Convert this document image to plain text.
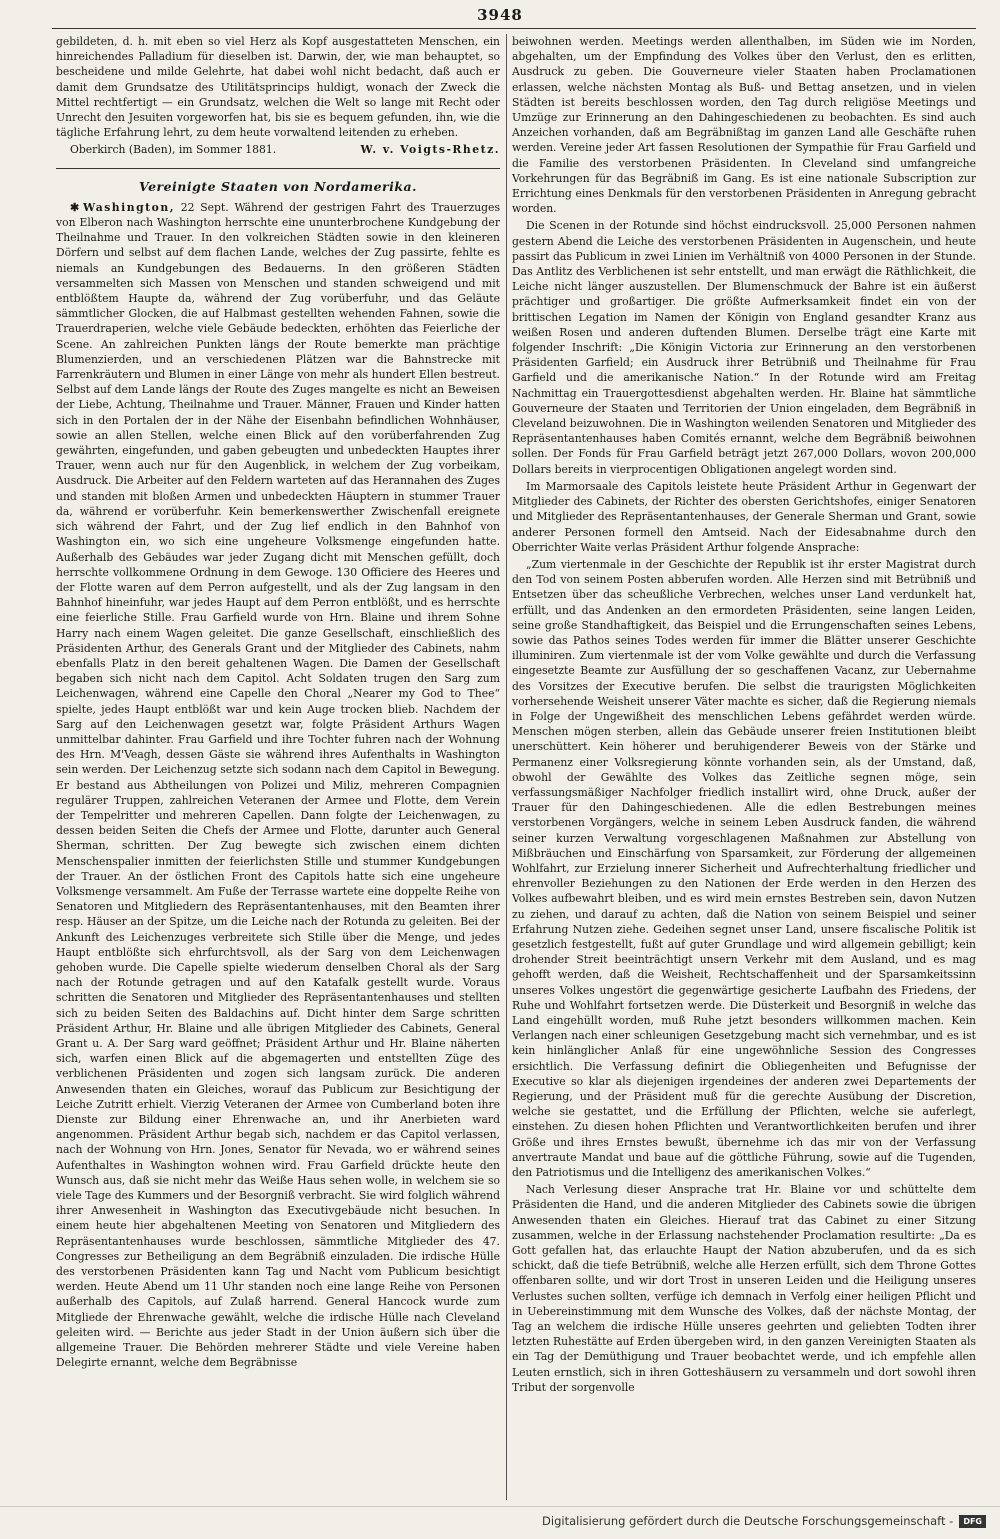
3948

gebildeten, d. h. mit eben so viel Herz als Kopf ausgestatteten Menschen, ein hinreichendes Palladium für dieselben ist. Darwin, der, wie man behauptet, so bescheidene und milde Gelehrte, hat dabei wohl nicht bedacht, daß auch er damit dem Grundsatze des Utilitätsprincips huldigt, wonach der Zweck die Mittel rechtfertigt — ein Grundsatz, welchen die Welt so lange mit Recht oder Unrecht den Jesuiten vorgeworfen hat, bis sie es bequem gefunden, ihn, wie die tägliche Erfahrung lehrt, zu dem heute vorwaltend leitenden zu erheben.

Oberkirch (Baden), im Sommer 1881.	W. v. Voigts-Rhetz.
Vereinigte Staaten von Nordamerika.

✱ Washington, 22 Sept. Während der gestrigen Fahrt des Trauerzuges von Elberon nach Washington herrschte eine ununterbrochene Kundgebung der Theilnahme und Trauer. In den volkreichen Städten sowie in den kleineren Dörfern und selbst auf dem flachen Lande, welches der Zug passirte, fehlte es niemals an Kundgebungen des Bedauerns. In den größeren Städten versammelten sich Massen von Menschen und standen schweigend und mit entblößtem Haupte da, während der Zug vorüberfuhr, und das Geläute sämmtlicher Glocken, die auf Halbmast gestellten wehenden Fahnen, sowie die Trauerdraperien, welche viele Gebäude bedeckten, erhöhten das Feierliche der Scene. An zahlreichen Punkten längs der Route bemerkte man prächtige Blumenzierden, und an verschiedenen Plätzen war die Bahnstrecke mit Farrenkräutern und Blumen in einer Länge von mehr als hundert Ellen bestreut. Selbst auf dem Lande längs der Route des Zuges mangelte es nicht an Beweisen der Liebe, Achtung, Theilnahme und Trauer. Männer, Frauen und Kinder hatten sich in den Portalen der in der Nähe der Eisenbahn befindlichen Wohnhäuser, sowie an allen Stellen, welche einen Blick auf den vorüberfahrenden Zug gewährten, eingefunden, und gaben gebeugten und unbedeckten Hauptes ihrer Trauer, wenn auch nur für den Augenblick, in welchem der Zug vorbeikam, Ausdruck. Die Arbeiter auf den Feldern warteten auf das Herannahen des Zuges und standen mit bloßen Armen und unbedeckten Häuptern in stummer Trauer da, während er vorüberfuhr. Kein bemerkenswerther Zwischenfall ereignete sich während der Fahrt, und der Zug lief endlich in den Bahnhof von Washington ein, wo sich eine ungeheure Volksmenge eingefunden hatte. Außerhalb des Gebäudes war jeder Zugang dicht mit Menschen gefüllt, doch herrschte vollkommene Ordnung in dem Gewoge. 130 Officiere des Heeres und der Flotte waren auf dem Perron aufgestellt, und als der Zug langsam in den Bahnhof hineinfuhr, war jedes Haupt auf dem Perron entblößt, und es herrschte eine feierliche Stille. Frau Garfield wurde von Hrn. Blaine und ihrem Sohne Harry nach einem Wagen geleitet. Die ganze Gesellschaft, einschließlich des Präsidenten Arthur, des Generals Grant und der Mitglieder des Cabinets, nahm ebenfalls Platz in den bereit gehaltenen Wagen. Die Damen der Gesellschaft begaben sich nicht nach dem Capitol. Acht Soldaten trugen den Sarg zum Leichenwagen, während eine Capelle den Choral „Nearer my God to Thee“ spielte, jedes Haupt entblößt war und kein Auge trocken blieb. Nachdem der Sarg auf den Leichenwagen gesetzt war, folgte Präsident Arthurs Wagen unmittelbar dahinter. Frau Garfield und ihre Tochter fuhren nach der Wohnung des Hrn. M'Veagh, dessen Gäste sie während ihres Aufenthalts in Washington sein werden. Der Leichenzug setzte sich sodann nach dem Capitol in Bewegung. Er bestand aus Abtheilungen von Polizei und Miliz, mehreren Compagnien regulärer Truppen, zahlreichen Veteranen der Armee und Flotte, dem Verein der Tempelritter und mehreren Capellen. Dann folgte der Leichenwagen, zu dessen beiden Seiten die Chefs der Armee und Flotte, darunter auch General Sherman, schritten. Der Zug bewegte sich zwischen einem dichten Menschenspalier inmitten der feierlichsten Stille und stummer Kundgebungen der Trauer. An der östlichen Front des Capitols hatte sich eine ungeheure Volksmenge versammelt. Am Fuße der Terrasse wartete eine doppelte Reihe von Senatoren und Mitgliedern des Repräsentantenhauses, mit den Beamten ihrer resp. Häuser an der Spitze, um die Leiche nach der Rotunda zu geleiten. Bei der Ankunft des Leichenzuges verbreitete sich Stille über die Menge, und jedes Haupt entblößte sich ehrfurchtsvoll, als der Sarg von dem Leichenwagen gehoben wurde. Die Capelle spielte wiederum denselben Choral als der Sarg nach der Rotunde getragen und auf den Katafalk gestellt wurde. Voraus schritten die Senatoren und Mitglieder des Repräsentantenhauses und stellten sich zu beiden Seiten des Baldachins auf. Dicht hinter dem Sarge schritten Präsident Arthur, Hr. Blaine und alle übrigen Mitglieder des Cabinets, General Grant u. A. Der Sarg ward geöffnet; Präsident Arthur und Hr. Blaine näherten sich, warfen einen Blick auf die abgemagerten und entstellten Züge des verblichenen Präsidenten und zogen sich langsam zurück. Die anderen Anwesenden thaten ein Gleiches, worauf das Publicum zur Besichtigung der Leiche Zutritt erhielt. Vierzig Veteranen der Armee von Cumberland boten ihre Dienste zur Bildung einer Ehrenwache an, und ihr Anerbieten ward angenommen. Präsident Arthur begab sich, nachdem er das Capitol verlassen, nach der Wohnung von Hrn. Jones, Senator für Nevada, wo er während seines Aufenthaltes in Washington wohnen wird. Frau Garfield drückte heute den Wunsch aus, daß sie nicht mehr das Weiße Haus sehen wolle, in welchem sie so viele Tage des Kummers und der Besorgniß verbracht. Sie wird folglich während ihrer Anwesenheit in Washington das Executivgebäude nicht besuchen. In einem heute hier abgehaltenen Meeting von Senatoren und Mitgliedern des Repräsentantenhauses wurde beschlossen, sämmtliche Mitglieder des 47. Congresses zur Betheiligung an dem Begräbniß einzuladen. Die irdische Hülle des verstorbenen Präsidenten kann Tag und Nacht vom Publicum besichtigt werden. Heute Abend um 11 Uhr standen noch eine lange Reihe von Personen außerhalb des Capitols, auf Zulaß harrend. General Hancock wurde zum Mitgliede der Ehrenwache gewählt, welche die irdische Hülle nach Cleveland geleiten wird. — Berichte aus jeder Stadt in der Union äußern sich über die allgemeine Trauer. Die Behörden mehrerer Städte und viele Vereine haben Delegirte ernannt, welche dem Begräbnisse

beiwohnen werden. Meetings werden allenthalben, im Süden wie im Norden, abgehalten, um der Empfindung des Volkes über den Verlust, den es erlitten, Ausdruck zu geben. Die Gouverneure vieler Staaten haben Proclamationen erlassen, welche nächsten Montag als Buß- und Bettag ansetzen, und in vielen Städten ist bereits beschlossen worden, den Tag durch religiöse Meetings und Umzüge zur Erinnerung an den Dahingeschiedenen zu beobachten. Es sind auch Anzeichen vorhanden, daß am Begräbnißtag im ganzen Land alle Geschäfte ruhen werden. Vereine jeder Art fassen Resolutionen der Sympathie für Frau Garfield und die Familie des verstorbenen Präsidenten. In Cleveland sind umfangreiche Vorkehrungen für das Begräbniß im Gang. Es ist eine nationale Subscription zur Errichtung eines Denkmals für den verstorbenen Präsidenten in Anregung gebracht worden.

Die Scenen in der Rotunde sind höchst eindrucksvoll. 25,000 Personen nahmen gestern Abend die Leiche des verstorbenen Präsidenten in Augenschein, und heute passirt das Publicum in zwei Linien im Verhältniß von 4000 Personen in der Stunde. Das Antlitz des Verblichenen ist sehr entstellt, und man erwägt die Räthlichkeit, die Leiche nicht länger auszustellen. Der Blumenschmuck der Bahre ist ein äußerst prächtiger und großartiger. Die größte Aufmerksamkeit findet ein von der brittischen Legation im Namen der Königin von England gesandter Kranz aus weißen Rosen und anderen duftenden Blumen. Derselbe trägt eine Karte mit folgender Inschrift: „Die Königin Victoria zur Erinnerung an den verstorbenen Präsidenten Garfield; ein Ausdruck ihrer Betrübniß und Theilnahme für Frau Garfield und die amerikanische Nation.“ In der Rotunde wird am Freitag Nachmittag ein Trauergottesdienst abgehalten werden. Hr. Blaine hat sämmtliche Gouverneure der Staaten und Territorien der Union eingeladen, dem Begräbniß in Cleveland beizuwohnen. Die in Washington weilenden Senatoren und Mitglieder des Repräsentantenhauses haben Comités ernannt, welche dem Begräbniß beiwohnen sollen. Der Fonds für Frau Garfield beträgt jetzt 267,000 Dollars, wovon 200,000 Dollars bereits in vierprocentigen Obligationen angelegt worden sind.

Im Marmorsaale des Capitols leistete heute Präsident Arthur in Gegenwart der Mitglieder des Cabinets, der Richter des obersten Gerichtshofes, einiger Senatoren und Mitglieder des Repräsentantenhauses, der Generale Sherman und Grant, sowie anderer Personen formell den Amtseid. Nach der Eidesabnahme durch den Oberrichter Waite verlas Präsident Arthur folgende Ansprache:

„Zum viertenmale in der Geschichte der Republik ist ihr erster Magistrat durch den Tod von seinem Posten abberufen worden. Alle Herzen sind mit Betrübniß und Entsetzen über das scheußliche Verbrechen, welches unser Land verdunkelt hat, erfüllt, und das Andenken an den ermordeten Präsidenten, seine langen Leiden, seine große Standhaftigkeit, das Beispiel und die Errungenschaften seines Lebens, sowie das Pathos seines Todes werden für immer die Blätter unserer Geschichte illuminiren. Zum viertenmale ist der vom Volke gewählte und durch die Verfassung eingesetzte Beamte zur Ausfüllung der so geschaffenen Vacanz, zur Uebernahme des Vorsitzes der Executive berufen. Die selbst die traurigsten Möglichkeiten vorhersehende Weisheit unserer Väter machte es sicher, daß die Regierung niemals in Folge der Ungewißheit des menschlichen Lebens gefährdet werden würde. Menschen mögen sterben, allein das Gebäude unserer freien Institutionen bleibt unerschüttert. Kein höherer und beruhigenderer Beweis von der Stärke und Permanenz einer Volksregierung könnte vorhanden sein, als der Umstand, daß, obwohl der Gewählte des Volkes das Zeitliche segnen möge, sein verfassungsmäßiger Nachfolger friedlich installirt wird, ohne Druck, außer der Trauer für den Dahingeschiedenen. Alle die edlen Bestrebungen meines verstorbenen Vorgängers, welche in seinem Leben Ausdruck fanden, die während seiner kurzen Verwaltung vorgeschlagenen Maßnahmen zur Abstellung von Mißbräuchen und Einschärfung von Sparsamkeit, zur Förderung der allgemeinen Wohlfahrt, zur Erzielung innerer Sicherheit und Aufrechterhaltung friedlicher und ehrenvoller Beziehungen zu den Nationen der Erde werden in den Herzen des Volkes aufbewahrt bleiben, und es wird mein ernstes Bestreben sein, davon Nutzen zu ziehen, und darauf zu achten, daß die Nation von seinem Beispiel und seiner Erfahrung Nutzen ziehe. Gedeihen segnet unser Land, unsere fiscalische Politik ist gesetzlich festgestellt, fußt auf guter Grundlage und wird allgemein gebilligt; kein drohender Streit beeinträchtigt unsern Verkehr mit dem Ausland, und es mag gehofft werden, daß die Weisheit, Rechtschaffenheit und der Sparsamkeitssinn unseres Volkes ungestört die gegenwärtige gesicherte Laufbahn des Friedens, der Ruhe und Wohlfahrt fortsetzen werde. Die Düsterkeit und Besorgniß in welche das Land eingehüllt worden, muß Ruhe jetzt besonders willkommen machen. Kein Verlangen nach einer schleunigen Gesetzgebung macht sich vernehmbar, und es ist kein hinlänglicher Anlaß für eine ungewöhnliche Session des Congresses ersichtlich. Die Verfassung definirt die Obliegenheiten und Befugnisse der Executive so klar als diejenigen irgendeines der anderen zwei Departements der Regierung, und der Präsident muß für die gerechte Ausübung der Discretion, welche sie gestattet, und die Erfüllung der Pflichten, welche sie auferlegt, einstehen. Zu diesen hohen Pflichten und Verantwortlichkeiten berufen und ihrer Größe und ihres Ernstes bewußt, übernehme ich das mir von der Verfassung anvertraute Mandat und baue auf die göttliche Führung, sowie auf die Tugenden, den Patriotismus und die Intelligenz des amerikanischen Volkes.“

Nach Verlesung dieser Ansprache trat Hr. Blaine vor und schüttelte dem Präsidenten die Hand, und die anderen Mitglieder des Cabinets sowie die übrigen Anwesenden thaten ein Gleiches. Hierauf trat das Cabinet zu einer Sitzung zusammen, welche in der Erlassung nachstehender Proclamation resultirte: „Da es Gott gefallen hat, das erlauchte Haupt der Nation abzuberufen, und da es sich schickt, daß die tiefe Betrübniß, welche alle Herzen erfüllt, sich dem Throne Gottes offenbaren sollte, und wir dort Trost in unseren Leiden und die Heiligung unseres Verlustes suchen sollten, verfüge ich demnach in Verfolg einer heiligen Pflicht und in Uebereinstimmung mit dem Wunsche des Volkes, daß der nächste Montag, der Tag an welchem die irdische Hülle unseres geehrten und geliebten Todten ihrer letzten Ruhestätte auf Erden übergeben wird, in den ganzen Vereinigten Staaten als ein Tag der Demüthigung und Trauer beobachtet werde, und ich empfehle allen Leuten ernstlich, sich in ihren Gotteshäusern zu versammeln und dort sowohl ihren Tribut der sorgenvolle

Digitalisierung gefördert durch die Deutsche Forschungsgemeinschaft -	DFG
